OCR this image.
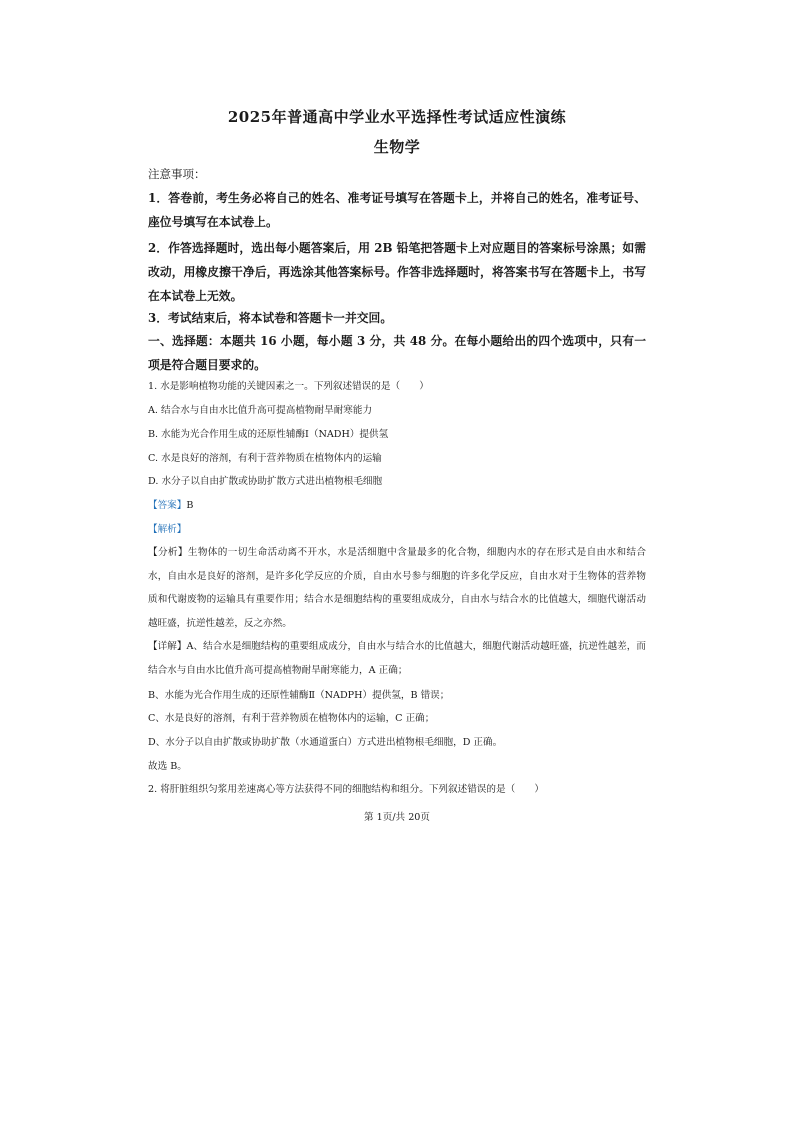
2025年普通高中学业水平选择性考试适应性演练
生物学
注意事项：
1．答卷前，考生务必将自己的姓名、准考证号填写在答题卡上，并将自己的姓名，准考证号、座位号填写在本试卷上。
2．作答选择题时，选出每小题答案后，用 2B 铅笔把答题卡上对应题目的答案标号涂黑；如需改动，用橡皮擦干净后，再选涂其他答案标号。作答非选择题时，将答案书写在答题卡上，书写在本试卷上无效。
3．考试结束后，将本试卷和答题卡一并交回。
一、选择题：本题共 16 小题，每小题 3 分，共 48 分。在每小题给出的四个选项中，只有一项是符合题目要求的。
1. 水是影响植物功能的关键因素之一。下列叙述错误的是（　　）
A. 结合水与自由水比值升高可提高植物耐旱耐寒能力
B. 水能为光合作用生成的还原性辅酶Ⅰ（NADH）提供氢
C. 水是良好的溶剂，有利于营养物质在植物体内的运输
D. 水分子以自由扩散或协助扩散方式进出植物根毛细胞
【答案】B
【解析】
【分析】生物体的一切生命活动离不开水，水是活细胞中含量最多的化合物，细胞内水的存在形式是自由水和结合水，自由水是良好的溶剂，是许多化学反应的介质，自由水号参与细胞的许多化学反应，自由水对于生物体的营养物质和代谢废物的运输具有重要作用；结合水是细胞结构的重要组成成分，自由水与结合水的比值越大，细胞代谢活动越旺盛，抗逆性越差，反之亦然。
【详解】A、结合水是细胞结构的重要组成成分，自由水与结合水的比值越大，细胞代谢活动越旺盛，抗逆性越差，而结合水与自由水比值升高可提高植物耐旱耐寒能力，A 正确；
B、水能为光合作用生成的还原性辅酶Ⅱ（NADPH）提供氢，B 错误；
C、水是良好的溶剂，有利于营养物质在植物体内的运输，C 正确；
D、水分子以自由扩散或协助扩散（水通道蛋白）方式进出植物根毛细胞，D 正确。
故选 B。
2. 将肝脏组织匀浆用差速离心等方法获得不同的细胞结构和组分。下列叙述错误的是（　　）
第 1页/共 20页
